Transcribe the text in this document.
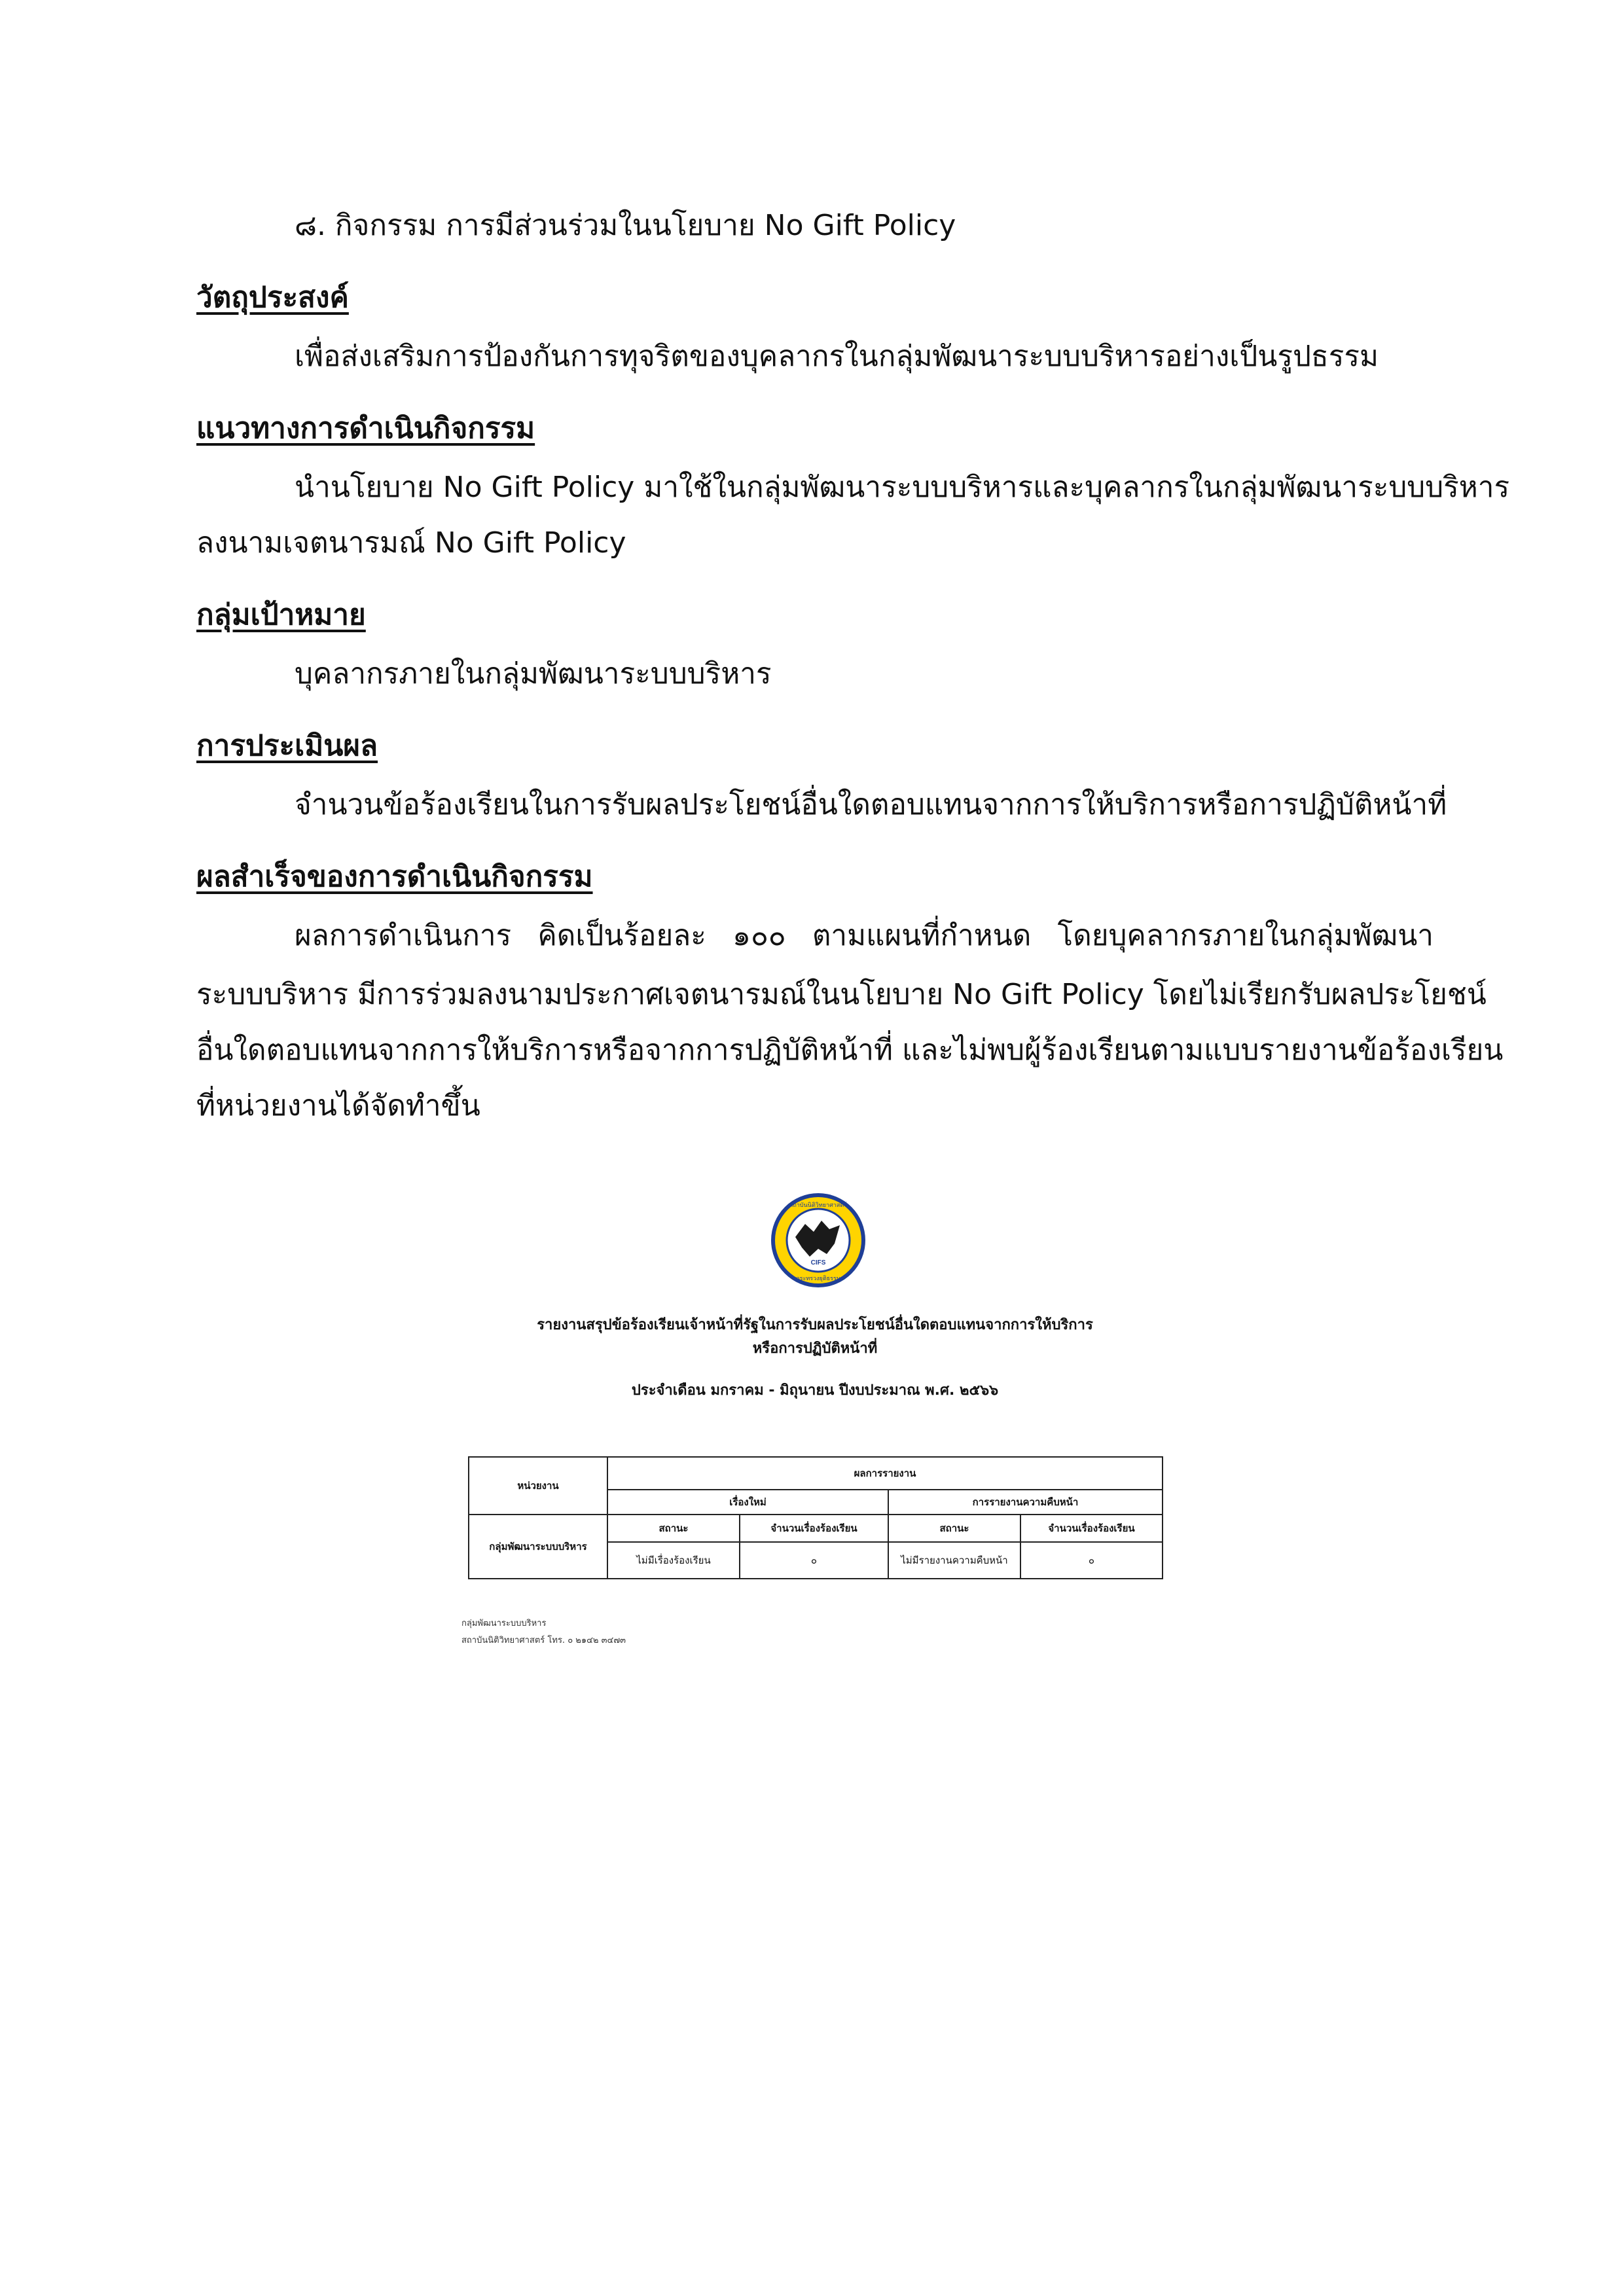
๘. กิจกรรม การมีส่วนร่วมในนโยบาย No Gift Policy
วัตถุประสงค์
เพื่อส่งเสริมการป้องกันการทุจริตของบุคลากรในกลุ่มพัฒนาระบบบริหารอย่างเป็นรูปธรรม
แนวทางการดำเนินกิจกรรม
นำนโยบาย No Gift Policy มาใช้ในกลุ่มพัฒนาระบบบริหารและบุคลากรในกลุ่มพัฒนาระบบบริหาร
ลงนามเจตนารมณ์ No Gift Policy
กลุ่มเป้าหมาย
บุคลากรภายในกลุ่มพัฒนาระบบบริหาร
การประเมินผล
จำนวนข้อร้องเรียนในการรับผลประโยชน์อื่นใดตอบแทนจากการให้บริการหรือการปฏิบัติหน้าที่
ผลสำเร็จของการดำเนินกิจกรรม
ผลการดำเนินการ คิดเป็นร้อยละ ๑๐๐ ตามแผนที่กำหนด โดยบุคลากรภายในกลุ่มพัฒนา
ระบบบริหาร มีการร่วมลงนามประกาศเจตนารมณ์ในนโยบาย No Gift Policy โดยไม่เรียกรับผลประโยชน์
อื่นใดตอบแทนจากการให้บริการหรือจากการปฏิบัติหน้าที่ และไม่พบผู้ร้องเรียนตามแบบรายงานข้อร้องเรียน
ที่หน่วยงานได้จัดทำขึ้น
CIFS
สถาบันนิติวิทยาศาสตร์
กระทรวงยุติธรรม
รายงานสรุปข้อร้องเรียนเจ้าหน้าที่รัฐในการรับผลประโยชน์อื่นใดตอบแทนจากการให้บริการ
หรือการปฏิบัติหน้าที่
ประจำเดือน มกราคม - มิถุนายน ปีงบประมาณ พ.ศ. ๒๕๖๖
หน่วยงาน	ผลการรายงาน			
	เรื่องใหม่		การรายงานความคืบหน้า	
กลุ่มพัฒนาระบบบริหาร	สถานะ	จำนวนเรื่องร้องเรียน	สถานะ	จำนวนเรื่องร้องเรียน
	ไม่มีเรื่องร้องเรียน	๐	ไม่มีรายงานความคืบหน้า	๐
กลุ่มพัฒนาระบบบริหาร
สถาบันนิติวิทยาศาสตร์ โทร. ๐ ๒๑๔๒ ๓๔๗๓
